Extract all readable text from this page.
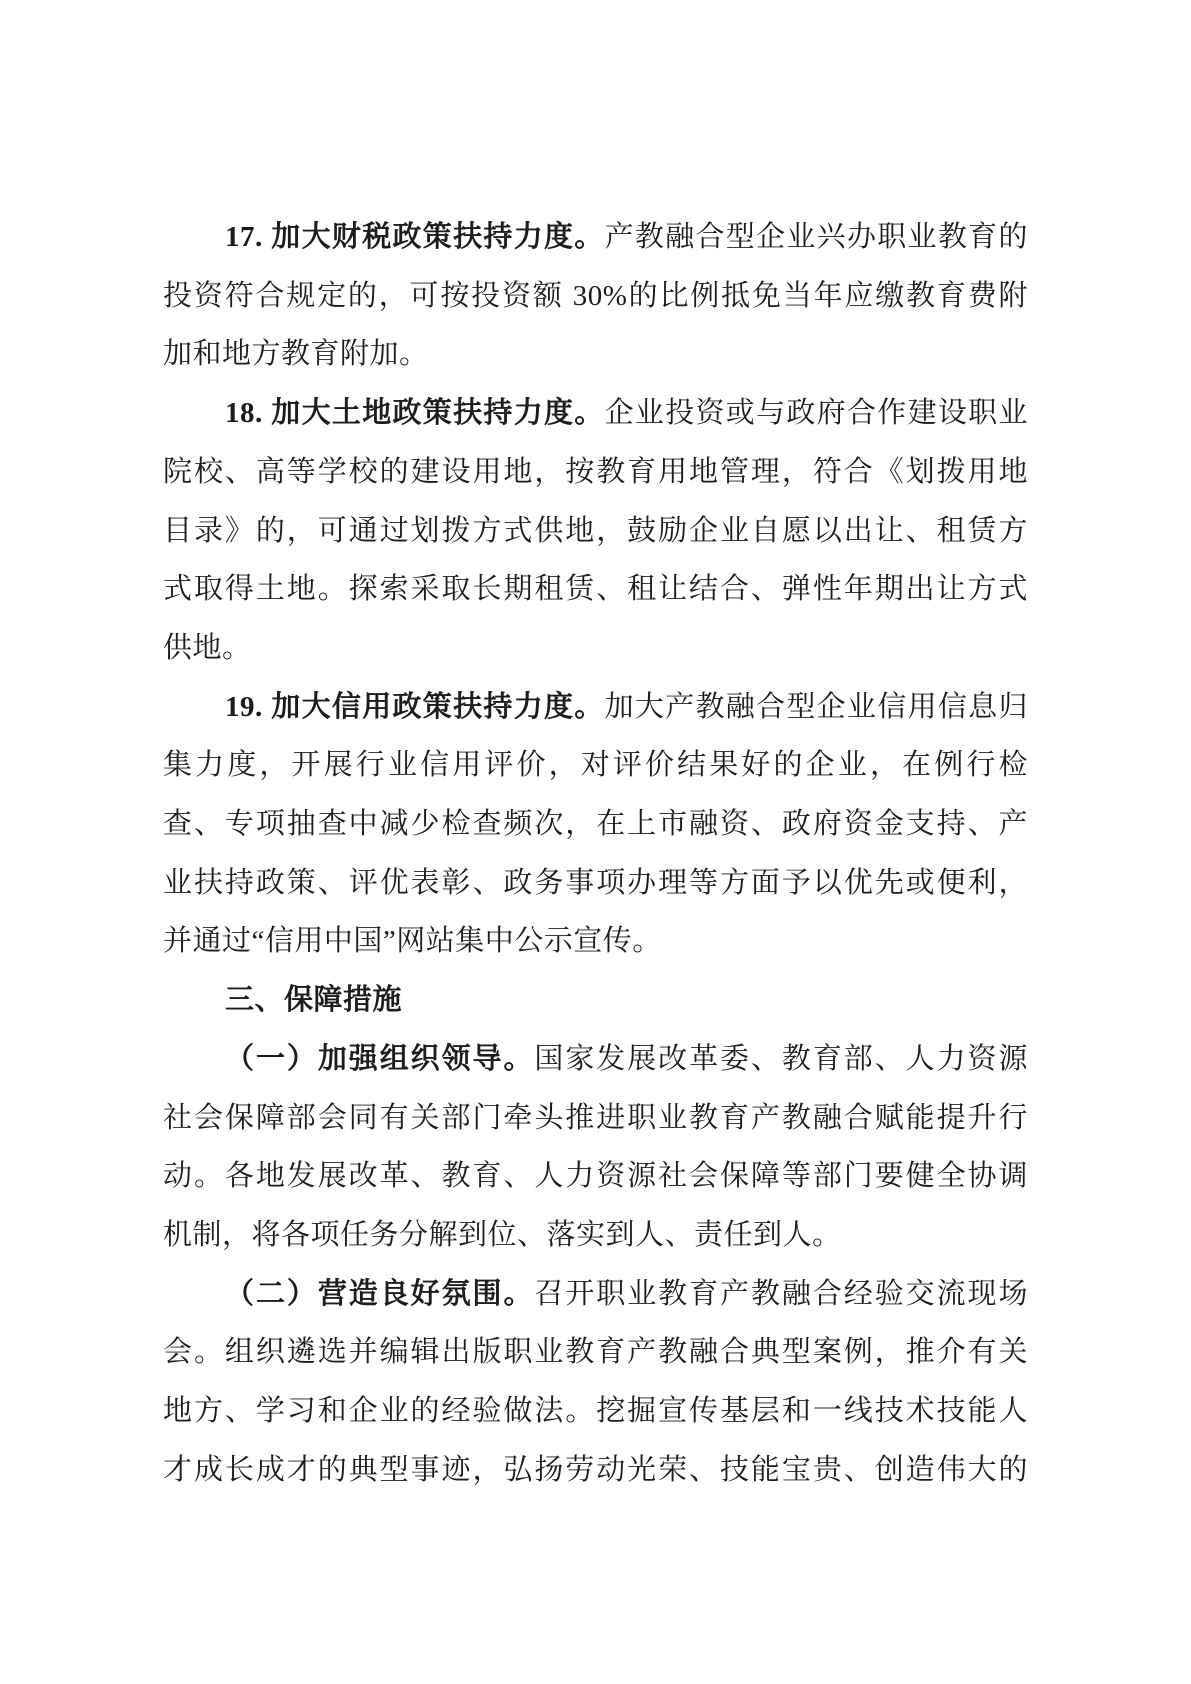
17. 加大财税政策扶持力度。产教融合型企业兴办职业教育的
投资符合规定的，可按投资额 30%的比例抵免当年应缴教育费附
加和地方教育附加。
18. 加大土地政策扶持力度。企业投资或与政府合作建设职业
院校、高等学校的建设用地，按教育用地管理，符合《划拨用地
目录》的，可通过划拨方式供地，鼓励企业自愿以出让、租赁方
式取得土地。探索采取长期租赁、租让结合、弹性年期出让方式
供地。
19. 加大信用政策扶持力度。加大产教融合型企业信用信息归
集力度，开展行业信用评价，对评价结果好的企业，在例行检
查、专项抽查中减少检查频次，在上市融资、政府资金支持、产
业扶持政策、评优表彰、政务事项办理等方面予以优先或便利，
并通过“信用中国”网站集中公示宣传。
三、保障措施
（一）加强组织领导。国家发展改革委、教育部、人力资源
社会保障部会同有关部门牵头推进职业教育产教融合赋能提升行
动。各地发展改革、教育、人力资源社会保障等部门要健全协调
机制，将各项任务分解到位、落实到人、责任到人。
（二）营造良好氛围。召开职业教育产教融合经验交流现场
会。组织遴选并编辑出版职业教育产教融合典型案例，推介有关
地方、学习和企业的经验做法。挖掘宣传基层和一线技术技能人
才成长成才的典型事迹，弘扬劳动光荣、技能宝贵、创造伟大的
